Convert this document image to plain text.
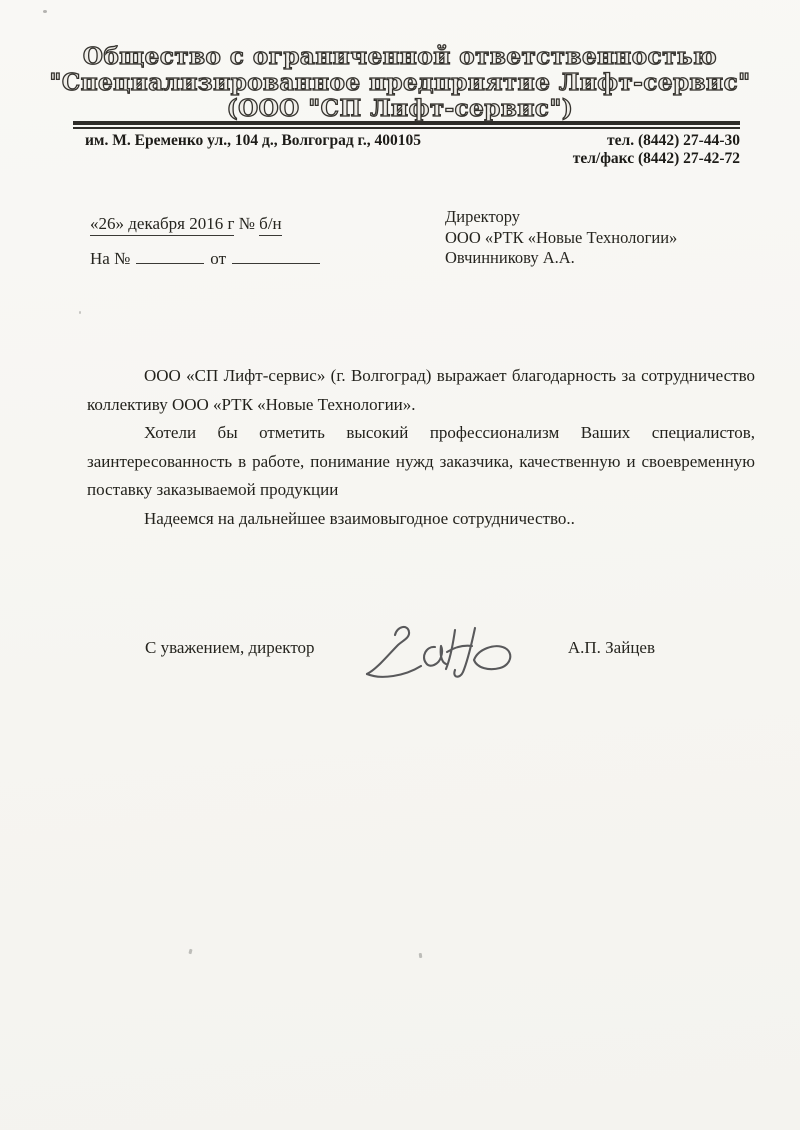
Общество с ограниченной ответственностью
"Специализированное предприятие Лифт-сервис"
(ООО "СП Лифт-сервис")
им. М. Еременко ул., 104 д., Волгоград г., 400105	тел. (8442) 27-44-30
тел/факс (8442) 27-42-72
«26» декабря 2016 г № б/н
На №	от
Директору
ООО «РТК «Новые Технологии»
Овчинникову А.А.
ООО «СП Лифт-сервис» (г. Волгоград) выражает благодарность за сотрудничество
коллективу ООО «РТК «Новые Технологии».
Хотели бы отметить высокий профессионализм Ваших специалистов,
заинтересованность в работе, понимание нужд заказчика, качественную и своевременную
поставку заказываемой продукции
Надеемся на дальнейшее взаимовыгодное сотрудничество..
С уважением, директор	А.П. Зайцев
